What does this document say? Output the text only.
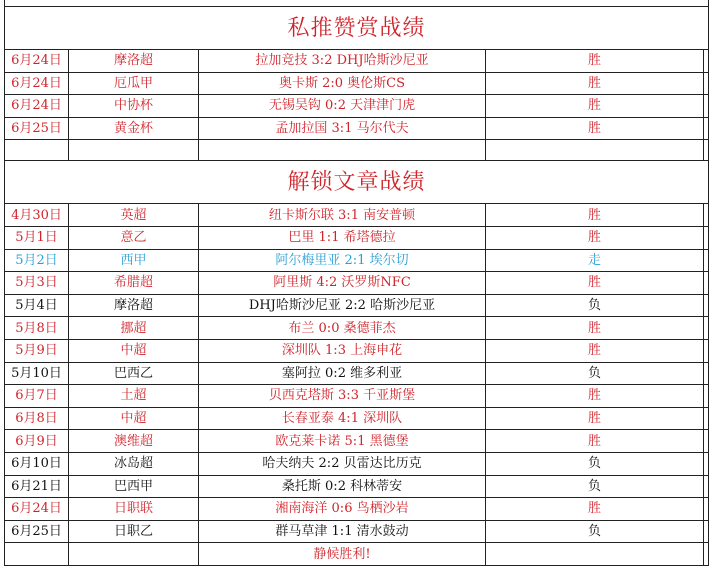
私推赞赏战绩				
6月24日	摩洛超	拉加竞技 3:2 DHJ哈斯沙尼亚	胜	
6月24日	厄瓜甲	奥卡斯 2:0 奥伦斯CS	胜	
6月24日	中协杯	无锡吴钩 0:2 天津津门虎	胜	
6月25日	黄金杯	孟加拉国 3:1 马尔代夫	胜	

解锁文章战绩				
4月30日	英超	纽卡斯尔联 3:1 南安普顿	胜	
5月1日	意乙	巴里 1:1 希塔德拉	胜	
5月2日	西甲	阿尔梅里亚 2:1 埃尔切	走	
5月3日	希腊超	阿里斯 4:2 沃罗斯NFC	胜	
5月4日	摩洛超	DHJ哈斯沙尼亚 2:2 哈斯沙尼亚	负	
5月8日	挪超	布兰 0:0 桑德菲杰	胜	
5月9日	中超	深圳队 1:3 上海申花	胜	
5月10日	巴西乙	塞阿拉 0:2 维多利亚	负	
6月7日	土超	贝西克塔斯 3:3 千亚斯堡	胜	
6月8日	中超	长春亚泰 4:1 深圳队	胜	
6月9日	澳维超	欧克莱卡诺 5:1 黑德堡	胜	
6月10日	冰岛超	哈夫纳夫 2:2 贝雷达比历克	负	
6月21日	巴西甲	桑托斯 0:2 科林蒂安	负	
6月24日	日职联	湘南海洋 0:6 鸟栖沙岩	胜	
6月25日	日职乙	群马草津 1:1 清水鼓动	负	
		静候胜利!		
